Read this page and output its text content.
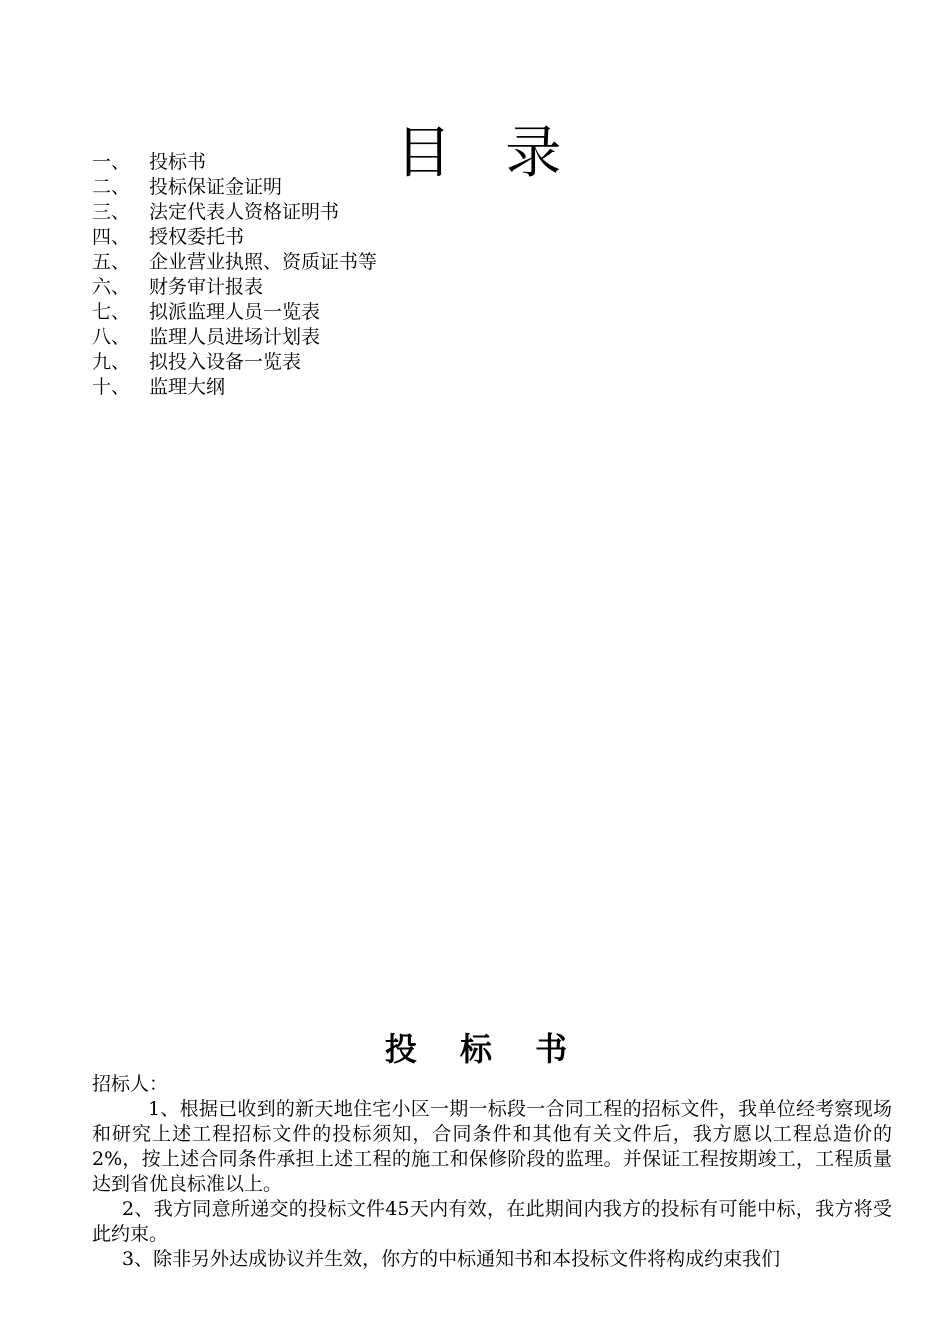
目 录
一、 投标书
二、 投标保证金证明
三、 法定代表人资格证明书
四、 授权委托书
五、 企业营业执照、资质证书等
六、 财务审计报表
七、 拟派监理人员一览表
八、 监理人员进场计划表
九、 拟投入设备一览表
十、 监理大纲
投 标 书

招标人：

1、根据已收到的新天地住宅小区一期一标段一合同工程的招标文件，我单位经考察现场和研究上述工程招标文件的投标须知，合同条件和其他有关文件后，我方愿以工程总造价的2%，按上述合同条件承担上述工程的施工和保修阶段的监理。并保证工程按期竣工，工程质量达到省优良标准以上。

2、我方同意所递交的投标文件45天内有效，在此期间内我方的投标有可能中标，我方将受此约束。

3、除非另外达成协议并生效，你方的中标通知书和本投标文件将构成约束我们
